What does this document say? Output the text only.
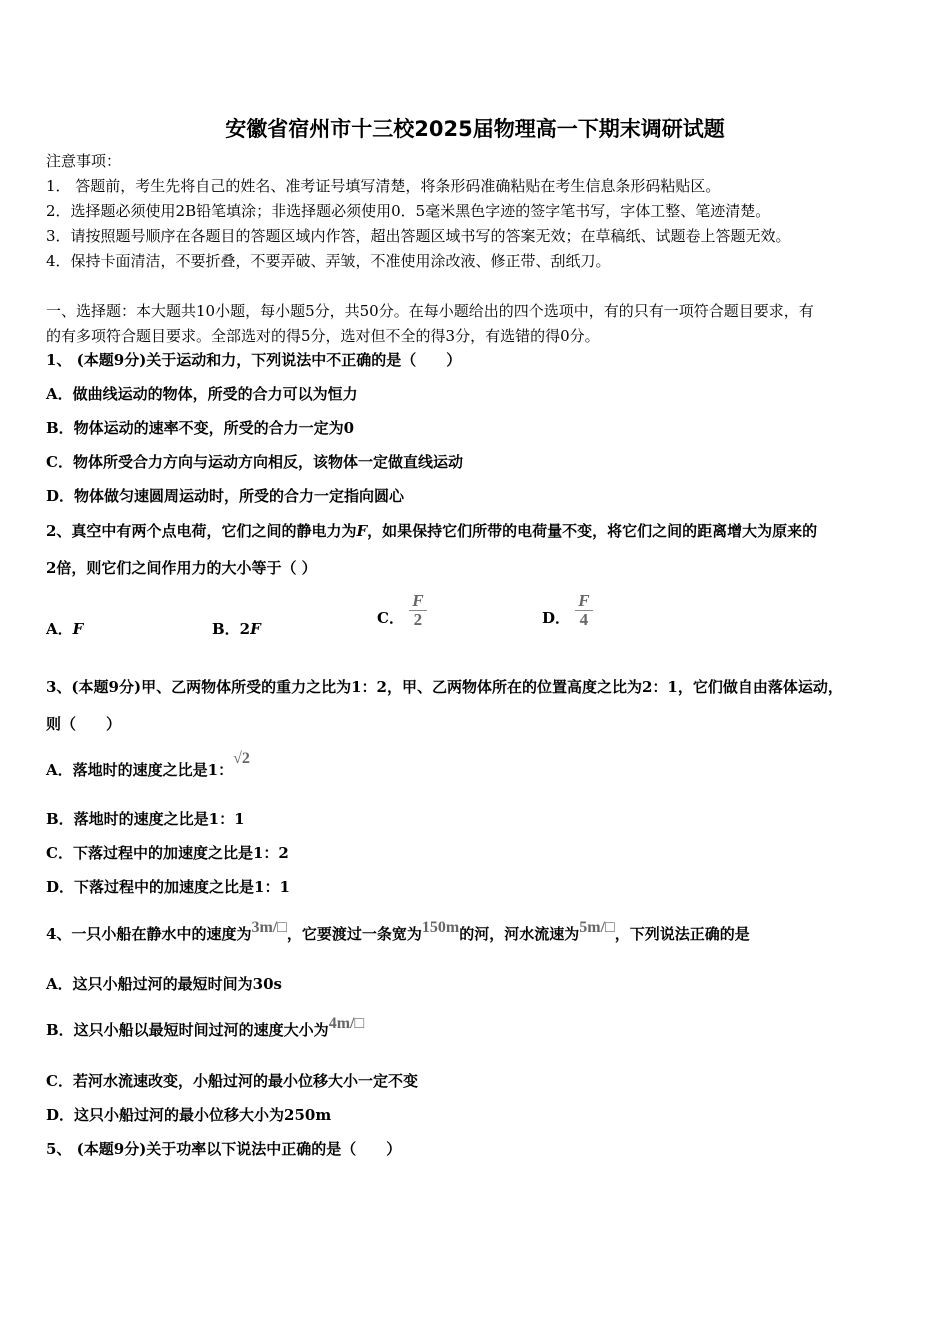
安徽省宿州市十三校2025届物理高一下期末调研试题
注意事项：
1． 答题前，考生先将自己的姓名、准考证号填写清楚，将条形码准确粘贴在考生信息条形码粘贴区。
2．选择题必须使用2B铅笔填涂；非选择题必须使用0．5毫米黑色字迹的签字笔书写，字体工整、笔迹清楚。
3．请按照题号顺序在各题目的答题区域内作答，超出答题区域书写的答案无效；在草稿纸、试题卷上答题无效。
4．保持卡面清洁，不要折叠，不要弄破、弄皱，不准使用涂改液、修正带、刮纸刀。
一、选择题：本大题共10小题，每小题5分，共50分。在每小题给出的四个选项中，有的只有一项符合题目要求，有
的有多项符合题目要求。全部选对的得5分，选对但不全的得3分，有选错的得0分。
1、 (本题9分)关于运动和力，下列说法中不正确的是（　　）
A．做曲线运动的物体，所受的合力可以为恒力
B．物体运动的速率不变，所受的合力一定为0
C．物体所受合力方向与运动方向相反，该物体一定做直线运动
D．物体做匀速圆周运动时，所受的合力一定指向圆心
2、真空中有两个点电荷，它们之间的静电力为F，如果保持它们所带的电荷量不变，将它们之间的距离增大为原来的
2倍，则它们之间作用力的大小等于（ ）
A．F	B．2F
C． $\frac{F}{2}$	D． $\frac{F}{4}$
3、(本题9分)甲、乙两物体所受的重力之比为1：2，甲、乙两物体所在的位置高度之比为2：1，它们做自由落体运动，
则（　　）
A．落地时的速度之比是1：√2
B．落地时的速度之比是1：1
C．下落过程中的加速度之比是1：2
D．下落过程中的加速度之比是1：1
4、一只小船在静水中的速度为3m/□，它要渡过一条宽为150m的河，河水流速为5m/□，下列说法正确的是
A．这只小船过河的最短时间为30s
B．这只小船以最短时间过河的速度大小为4m/□
C．若河水流速改变，小船过河的最小位移大小一定不变
D．这只小船过河的最小位移大小为250m
5、 (本题9分)关于功率以下说法中正确的是（　　）
